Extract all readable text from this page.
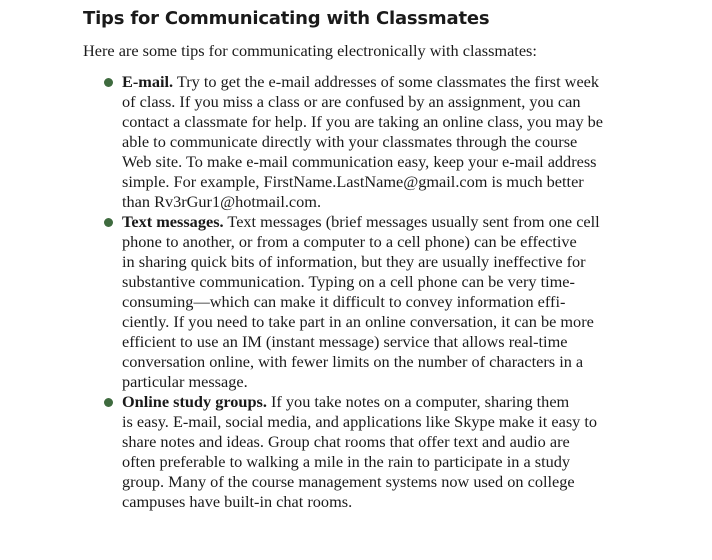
Tips for Communicating with Classmates

Here are some tips for communicating electronically with classmates:

E-mail. Try to get the e-mail addresses of some classmates the first week
of class. If you miss a class or are confused by an assignment, you can
contact a classmate for help. If you are taking an online class, you may be
able to communicate directly with your classmates through the course
Web site. To make e-mail communication easy, keep your e-mail address
simple. For example, FirstName.LastName@gmail.com is much better
than Rv3rGur1@hotmail.com.
Text messages. Text messages (brief messages usually sent from one cell
phone to another, or from a computer to a cell phone) can be effective
in sharing quick bits of information, but they are usually ineffective for
substantive communication. Typing on a cell phone can be very time-
consuming—which can make it difficult to convey information effi-
ciently. If you need to take part in an online conversation, it can be more
efficient to use an IM (instant message) service that allows real-time
conversation online, with fewer limits on the number of characters in a
particular message.
Online study groups. If you take notes on a computer, sharing them
is easy. E-mail, social media, and applications like Skype make it easy to
share notes and ideas. Group chat rooms that offer text and audio are
often preferable to walking a mile in the rain to participate in a study
group. Many of the course management systems now used on college
campuses have built-in chat rooms.
